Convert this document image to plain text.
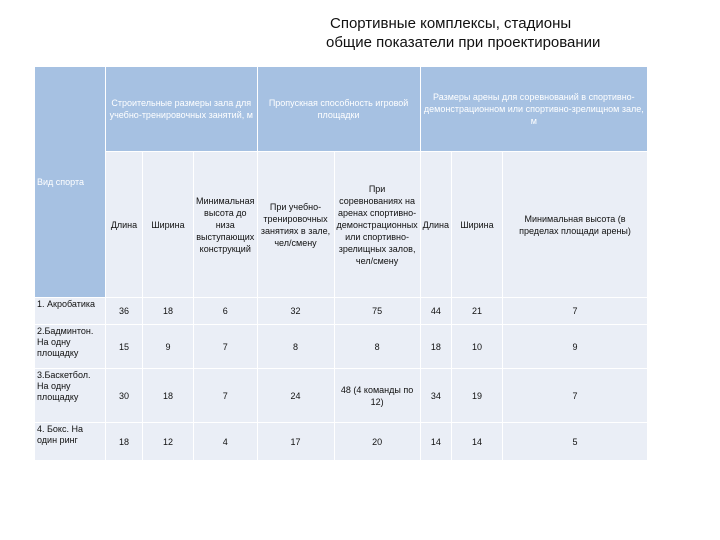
Спортивные комплексы, стадионы
общие показатели при проектировании
Вид спорта	Строительные размеры зала для учебно-тренировочных занятий, м			Пропускная способность игровой площадки		Размеры арены для соревнований в спортивно-демонстрационном или спортивно-зрелищном зале, м		
	Длина	Ширина	Минимальная высота до низа выступающих конструкций	При учебно-тренировочных занятиях в зале, чел/смену	При соревнованиях на аренах спортивно-демонстрационных или спортивно-зрелищных залов, чел/смену	Длина	Ширина	Минимальная высота (в пределах площади арены)
1. Акробатика	36	18	6	32	75	44	21	7
2.Бадминтон. На одну площадку	15	9	7	8	8	18	10	9
3.Баскетбол. На одну площадку	30	18	7	24	48 (4 команды по 12)	34	19	7
4. Бокс. На один ринг	18	12	4	17	20	14	14	5
